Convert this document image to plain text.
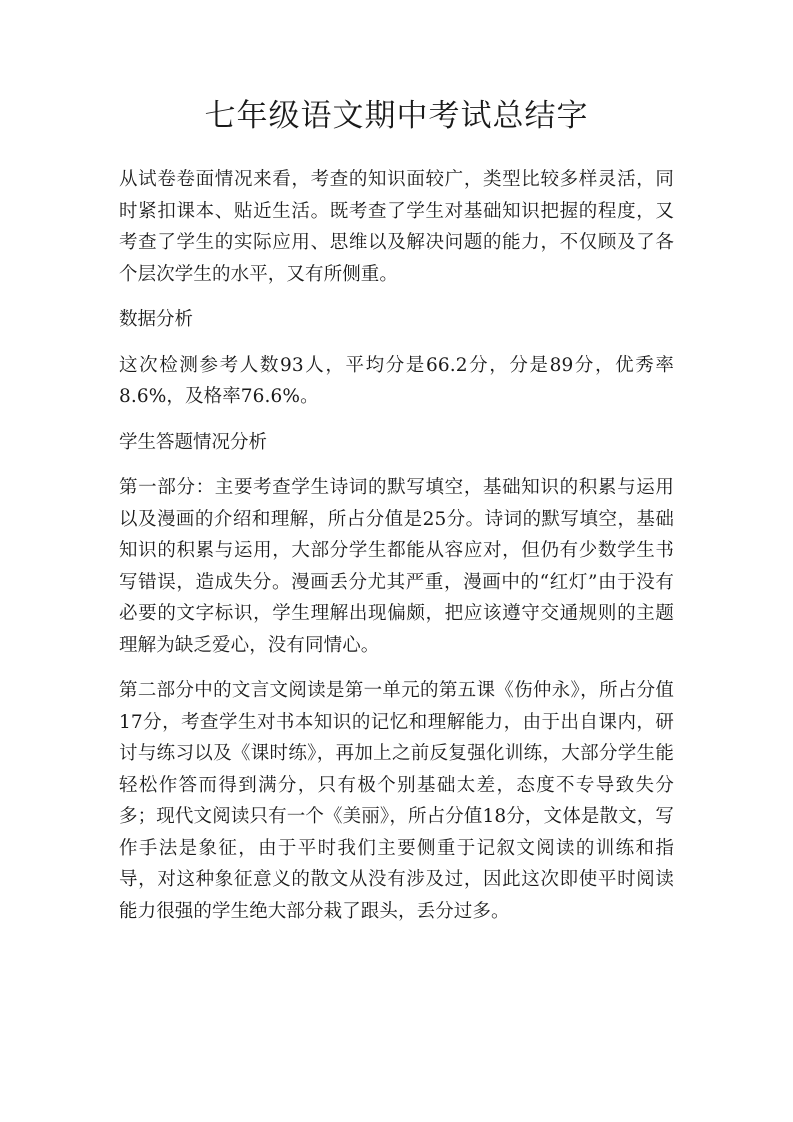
七年级语文期中考试总结字

从试卷卷面情况来看，考查的知识面较广，类型比较多样灵活，同时紧扣课本、贴近生活。既考查了学生对基础知识把握的程度，又考查了学生的实际应用、思维以及解决问题的能力，不仅顾及了各个层次学生的水平，又有所侧重。

数据分析

这次检测参考人数93人，平均分是66.2分，分是89分，优秀率8.6%，及格率76.6%。

学生答题情况分析

第一部分：主要考查学生诗词的默写填空，基础知识的积累与运用以及漫画的介绍和理解，所占分值是25分。诗词的默写填空，基础知识的积累与运用，大部分学生都能从容应对，但仍有少数学生书写错误，造成失分。漫画丢分尤其严重，漫画中的“红灯”由于没有必要的文字标识，学生理解出现偏颇，把应该遵守交通规则的主题理解为缺乏爱心，没有同情心。

第二部分中的文言文阅读是第一单元的第五课《伤仲永》，所占分值17分，考查学生对书本知识的记忆和理解能力，由于出自课内，研讨与练习以及《课时练》，再加上之前反复强化训练，大部分学生能轻松作答而得到满分，只有极个别基础太差，态度不专导致失分多；现代文阅读只有一个《美丽》，所占分值18分，文体是散文，写作手法是象征，由于平时我们主要侧重于记叙文阅读的训练和指导，对这种象征意义的散文从没有涉及过，因此这次即使平时阅读能力很强的学生绝大部分栽了跟头，丢分过多。
